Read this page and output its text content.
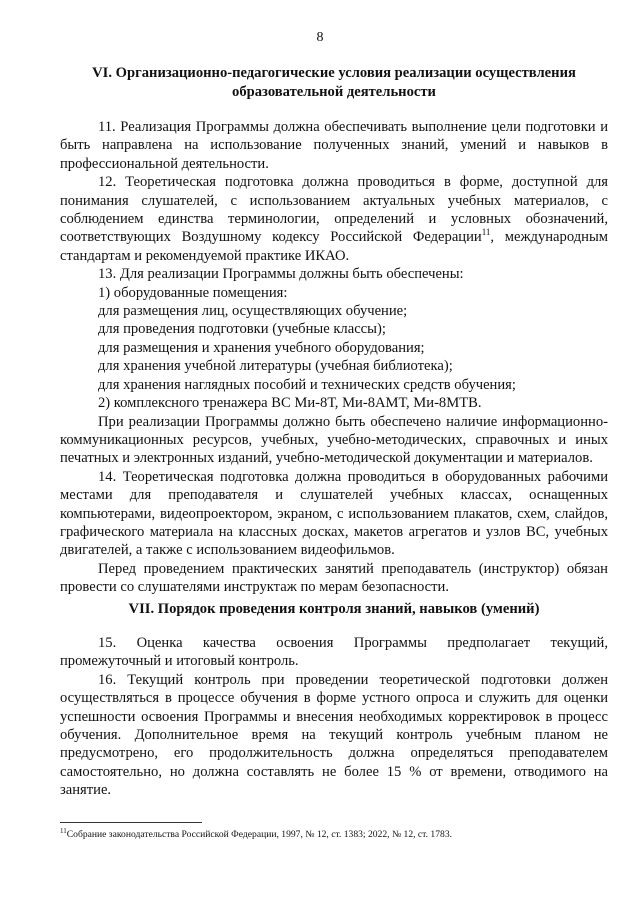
8
VI. Организационно-педагогические условия реализации осуществления
образовательной деятельности

11. Реализация Программы должна обеспечивать выполнение цели подготовки и быть направлена на использование полученных знаний, умений и навыков в профессиональной деятельности.

12. Теоретическая подготовка должна проводиться в форме, доступной для понимания слушателей, с использованием актуальных учебных материалов, с соблюдением единства терминологии, определений и условных обозначений, соответствующих Воздушному кодексу Российской Федерации$^{11}$, международным стандартам и рекомендуемой практике ИКАО.

13. Для реализации Программы должны быть обеспечены:

1) оборудованные помещения:

для размещения лиц, осуществляющих обучение;

для проведения подготовки (учебные классы);

для размещения и хранения учебного оборудования;

для хранения учебной литературы (учебная библиотека);

для хранения наглядных пособий и технических средств обучения;

2) комплексного тренажера ВС Ми-8Т, Ми-8АМТ, Ми-8МТВ.

При реализации Программы должно быть обеспечено наличие информационно-коммуникационных ресурсов, учебных, учебно-методических, справочных и иных печатных и электронных изданий, учебно-методической документации и материалов.

14. Теоретическая подготовка должна проводиться в оборудованных рабочими местами для преподавателя и слушателей учебных классах, оснащенных компьютерами, видеопроектором, экраном, с использованием плакатов, схем, слайдов, графического материала на классных досках, макетов агрегатов и узлов ВС, учебных двигателей, а также с использованием видеофильмов.

Перед проведением практических занятий преподаватель (инструктор) обязан провести со слушателями инструктаж по мерам безопасности.

VII. Порядок проведения контроля знаний, навыков (умений)

15. Оценка качества освоения Программы предполагает текущий, промежуточный и итоговый контроль.

16. Текущий контроль при проведении теоретической подготовки должен осуществляться в процессе обучения в форме устного опроса и служить для оценки успешности освоения Программы и внесения необходимых корректировок в процесс обучения. Дополнительное время на текущий контроль учебным планом не предусмотрено, его продолжительность должна определяться преподавателем самостоятельно, но должна составлять не более 15 % от времени, отводимого на занятие.

$^{11}$Собрание законодательства Российской Федерации, 1997, № 12, ст. 1383; 2022, № 12, ст. 1783.
